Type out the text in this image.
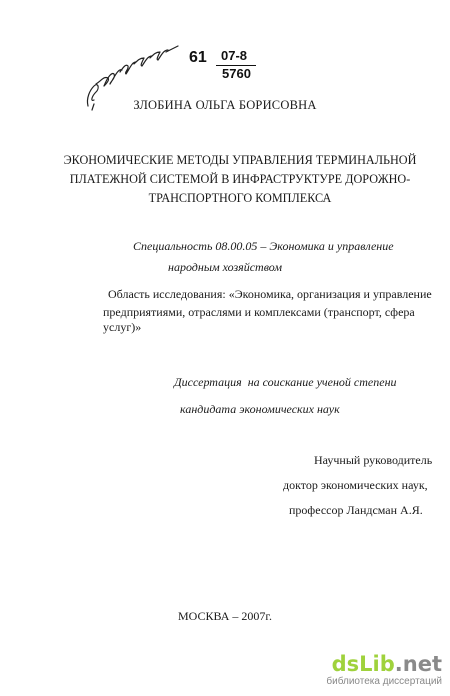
61 07-8
5760
ЗЛОБИНА ОЛЬГА БОРИСОВНА
ЭКОНОМИЧЕСКИЕ МЕТОДЫ УПРАВЛЕНИЯ ТЕРМИНАЛЬНОЙ
ПЛАТЕЖНОЙ СИСТЕМОЙ В ИНФРАСТРУКТУРЕ ДОРОЖНО-
ТРАНСПОРТНОГО КОМПЛЕКСА
Специальность 08.00.05 – Экономика и управление
народным хозяйством
Область исследования: «Экономика, организация и управление
предприятиями, отраслями и комплексами (транспорт, сфера услуг)»
Диссертация  на соискание ученой степени
кандидата экономических наук
Научный руководитель
доктор экономических наук,
профессор Ландсман А.Я.
МОСКВА – 2007г.
dsLib.net
библиотека диссертаций
